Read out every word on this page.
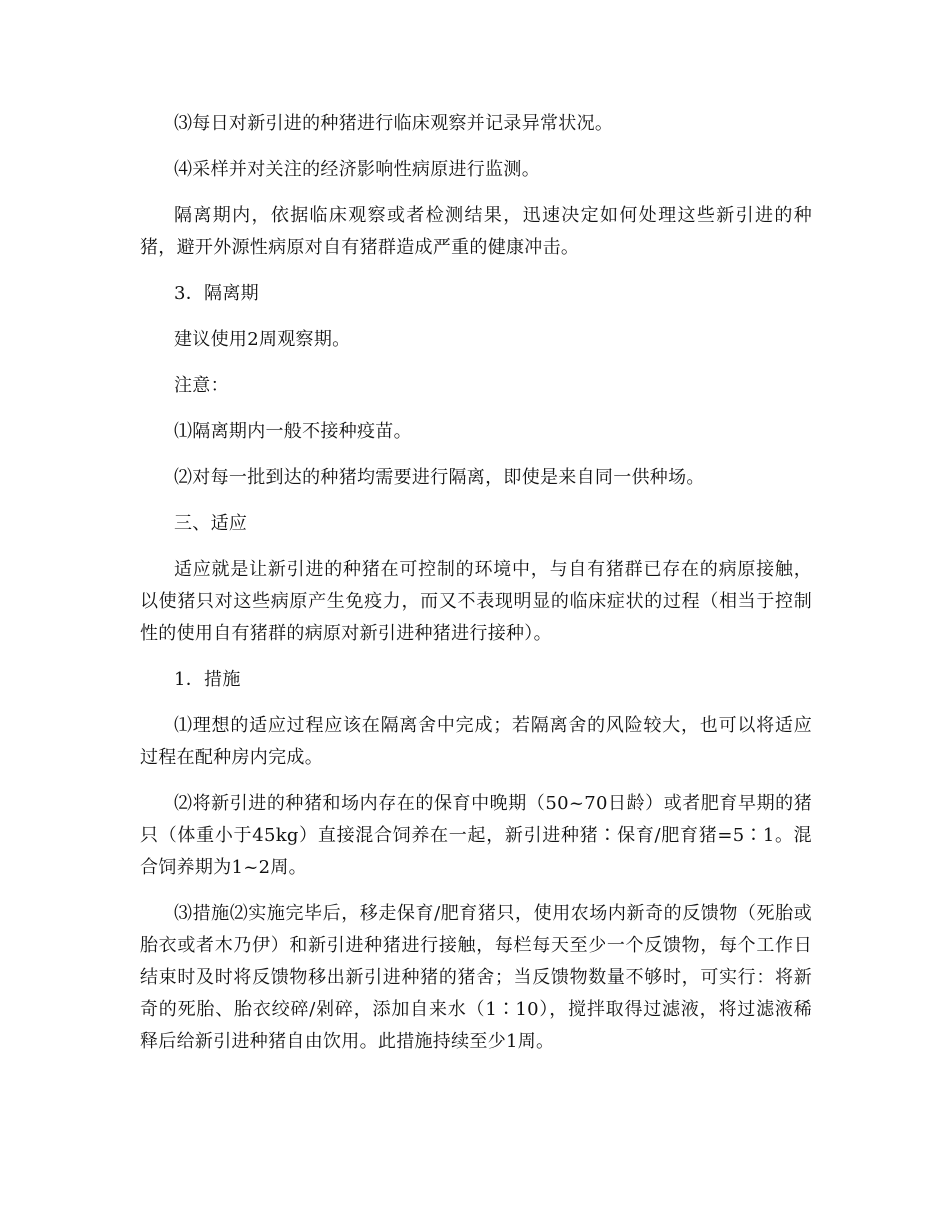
⑶每日对新引进的种猪进行临床观察并记录异常状况。

⑷采样并对关注的经济影响性病原进行监测。

隔离期内，依据临床观察或者检测结果，迅速决定如何处理这些新引进的种猪，避开外源性病原对自有猪群造成严重的健康冲击。

3．隔离期

建议使用2周观察期。

注意：

⑴隔离期内一般不接种疫苗。

⑵对每一批到达的种猪均需要进行隔离，即使是来自同一供种场。

三、适应

适应就是让新引进的种猪在可控制的环境中，与自有猪群已存在的病原接触，以使猪只对这些病原产生免疫力，而又不表现明显的临床症状的过程（相当于控制性的使用自有猪群的病原对新引进种猪进行接种）。

1．措施

⑴理想的适应过程应该在隔离舍中完成；若隔离舍的风险较大，也可以将适应过程在配种房内完成。

⑵将新引进的种猪和场内存在的保育中晚期（50~70日龄）或者肥育早期的猪只（体重小于45kg）直接混合饲养在一起，新引进种猪∶保育/肥育猪=5∶1。混合饲养期为1~2周。

⑶措施⑵实施完毕后，移走保育/肥育猪只，使用农场内新奇的反馈物（死胎或胎衣或者木乃伊）和新引进种猪进行接触，每栏每天至少一个反馈物，每个工作日结束时及时将反馈物移出新引进种猪的猪舍；当反馈物数量不够时，可实行：将新奇的死胎、胎衣绞碎/剁碎，添加自来水（1∶10），搅拌取得过滤液，将过滤液稀释后给新引进种猪自由饮用。此措施持续至少1周。
